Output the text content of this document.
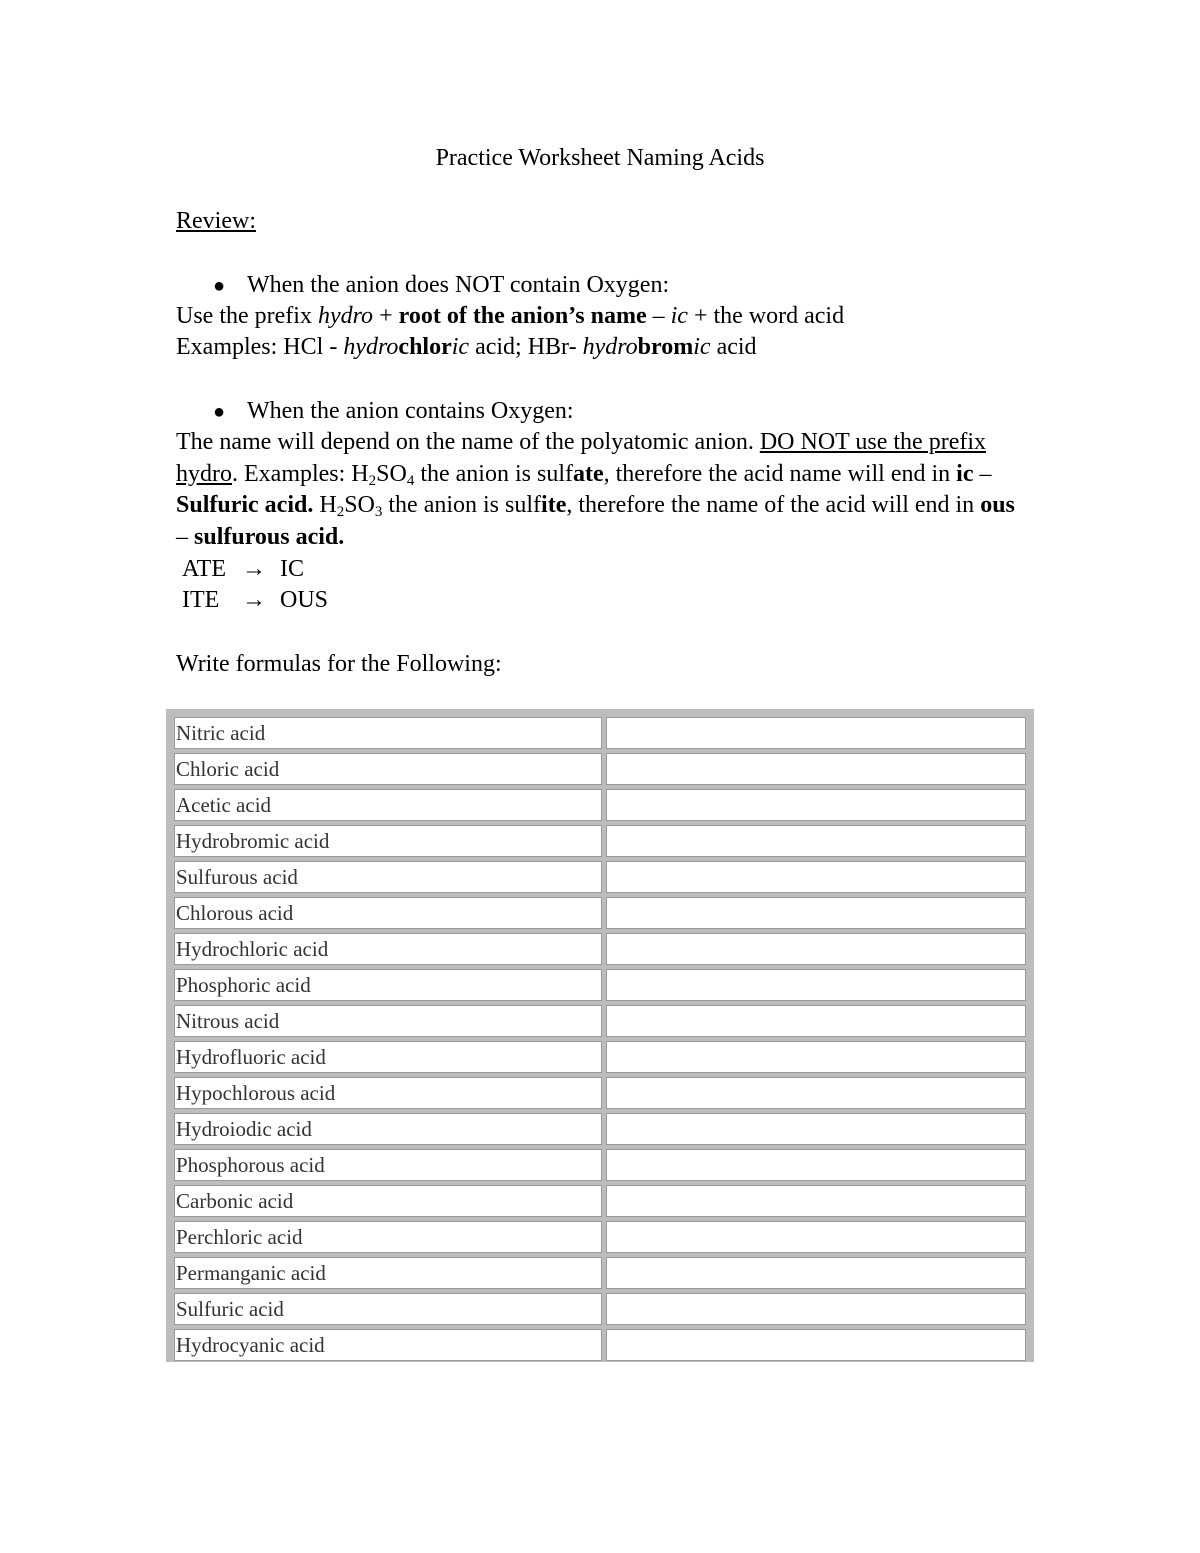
Practice Worksheet Naming Acids
Review:
● When the anion does NOT contain Oxygen:
Use the prefix hydro + root of the anion’s name – ic + the word acid
Examples: HCl - hydrochloric acid; HBr- hydrobromic acid
● When the anion contains Oxygen:
The name will depend on the name of the polyatomic anion. DO NOT use the prefix hydro. Examples: $H_2SO_4$ the anion is sulfate, therefore the acid name will end in ic – Sulfuric acid. $H_2SO_3$ the anion is sulfite, therefore the name of the acid will end in ous – sulfurous acid.
ATE → IC
ITE → OUS
Write formulas for the Following:
Nitric acid	
Chloric acid	
Acetic acid	
Hydrobromic acid	
Sulfurous acid	
Chlorous acid	
Hydrochloric acid	
Phosphoric acid	
Nitrous acid	
Hydrofluoric acid	
Hypochlorous acid	
Hydroiodic acid	
Phosphorous acid	
Carbonic acid	
Perchloric acid	
Permanganic acid	
Sulfuric acid	
Hydrocyanic acid	
